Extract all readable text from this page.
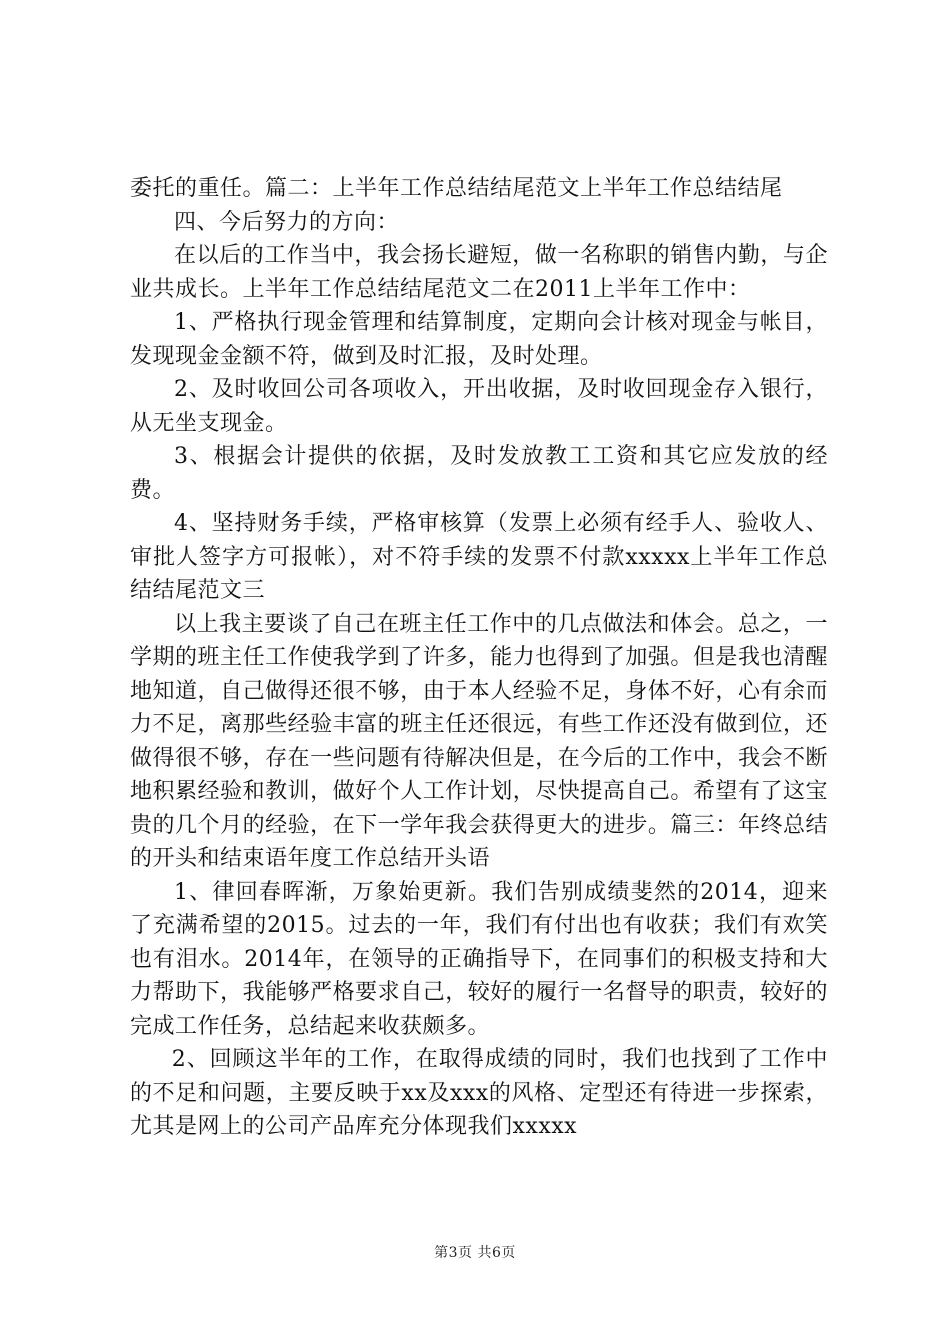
委托的重任。篇二：上半年工作总结结尾范文上半年工作总结结尾

四、今后努力的方向：

在以后的工作当中，我会扬长避短，做一名称职的销售内勤，与企业共成长。上半年工作总结结尾范文二在2011上半年工作中：

1、严格执行现金管理和结算制度，定期向会计核对现金与帐目，发现现金金额不符，做到及时汇报，及时处理。

2、及时收回公司各项收入，开出收据，及时收回现金存入银行，从无坐支现金。

3、根据会计提供的依据，及时发放教工工资和其它应发放的经费。

4、坚持财务手续，严格审核算（发票上必须有经手人、验收人、审批人签字方可报帐），对不符手续的发票不付款xxxxx上半年工作总结结尾范文三

以上我主要谈了自己在班主任工作中的几点做法和体会。总之，一学期的班主任工作使我学到了许多，能力也得到了加强。但是我也清醒地知道，自己做得还很不够，由于本人经验不足，身体不好，心有余而力不足，离那些经验丰富的班主任还很远，有些工作还没有做到位，还做得很不够，存在一些问题有待解决但是，在今后的工作中，我会不断地积累经验和教训，做好个人工作计划，尽快提高自己。希望有了这宝贵的几个月的经验，在下一学年我会获得更大的进步。篇三：年终总结的开头和结束语年度工作总结开头语

1、律回春晖渐，万象始更新。我们告别成绩斐然的2014，迎来了充满希望的2015。过去的一年，我们有付出也有收获；我们有欢笑也有泪水。2014年，在领导的正确指导下，在同事们的积极支持和大力帮助下，我能够严格要求自己，较好的履行一名督导的职责，较好的完成工作任务，总结起来收获颇多。

2、回顾这半年的工作，在取得成绩的同时，我们也找到了工作中的不足和问题，主要反映于xx及xxx的风格、定型还有待进一步探索，尤其是网上的公司产品库充分体现我们xxxxx

第3页 共6页
